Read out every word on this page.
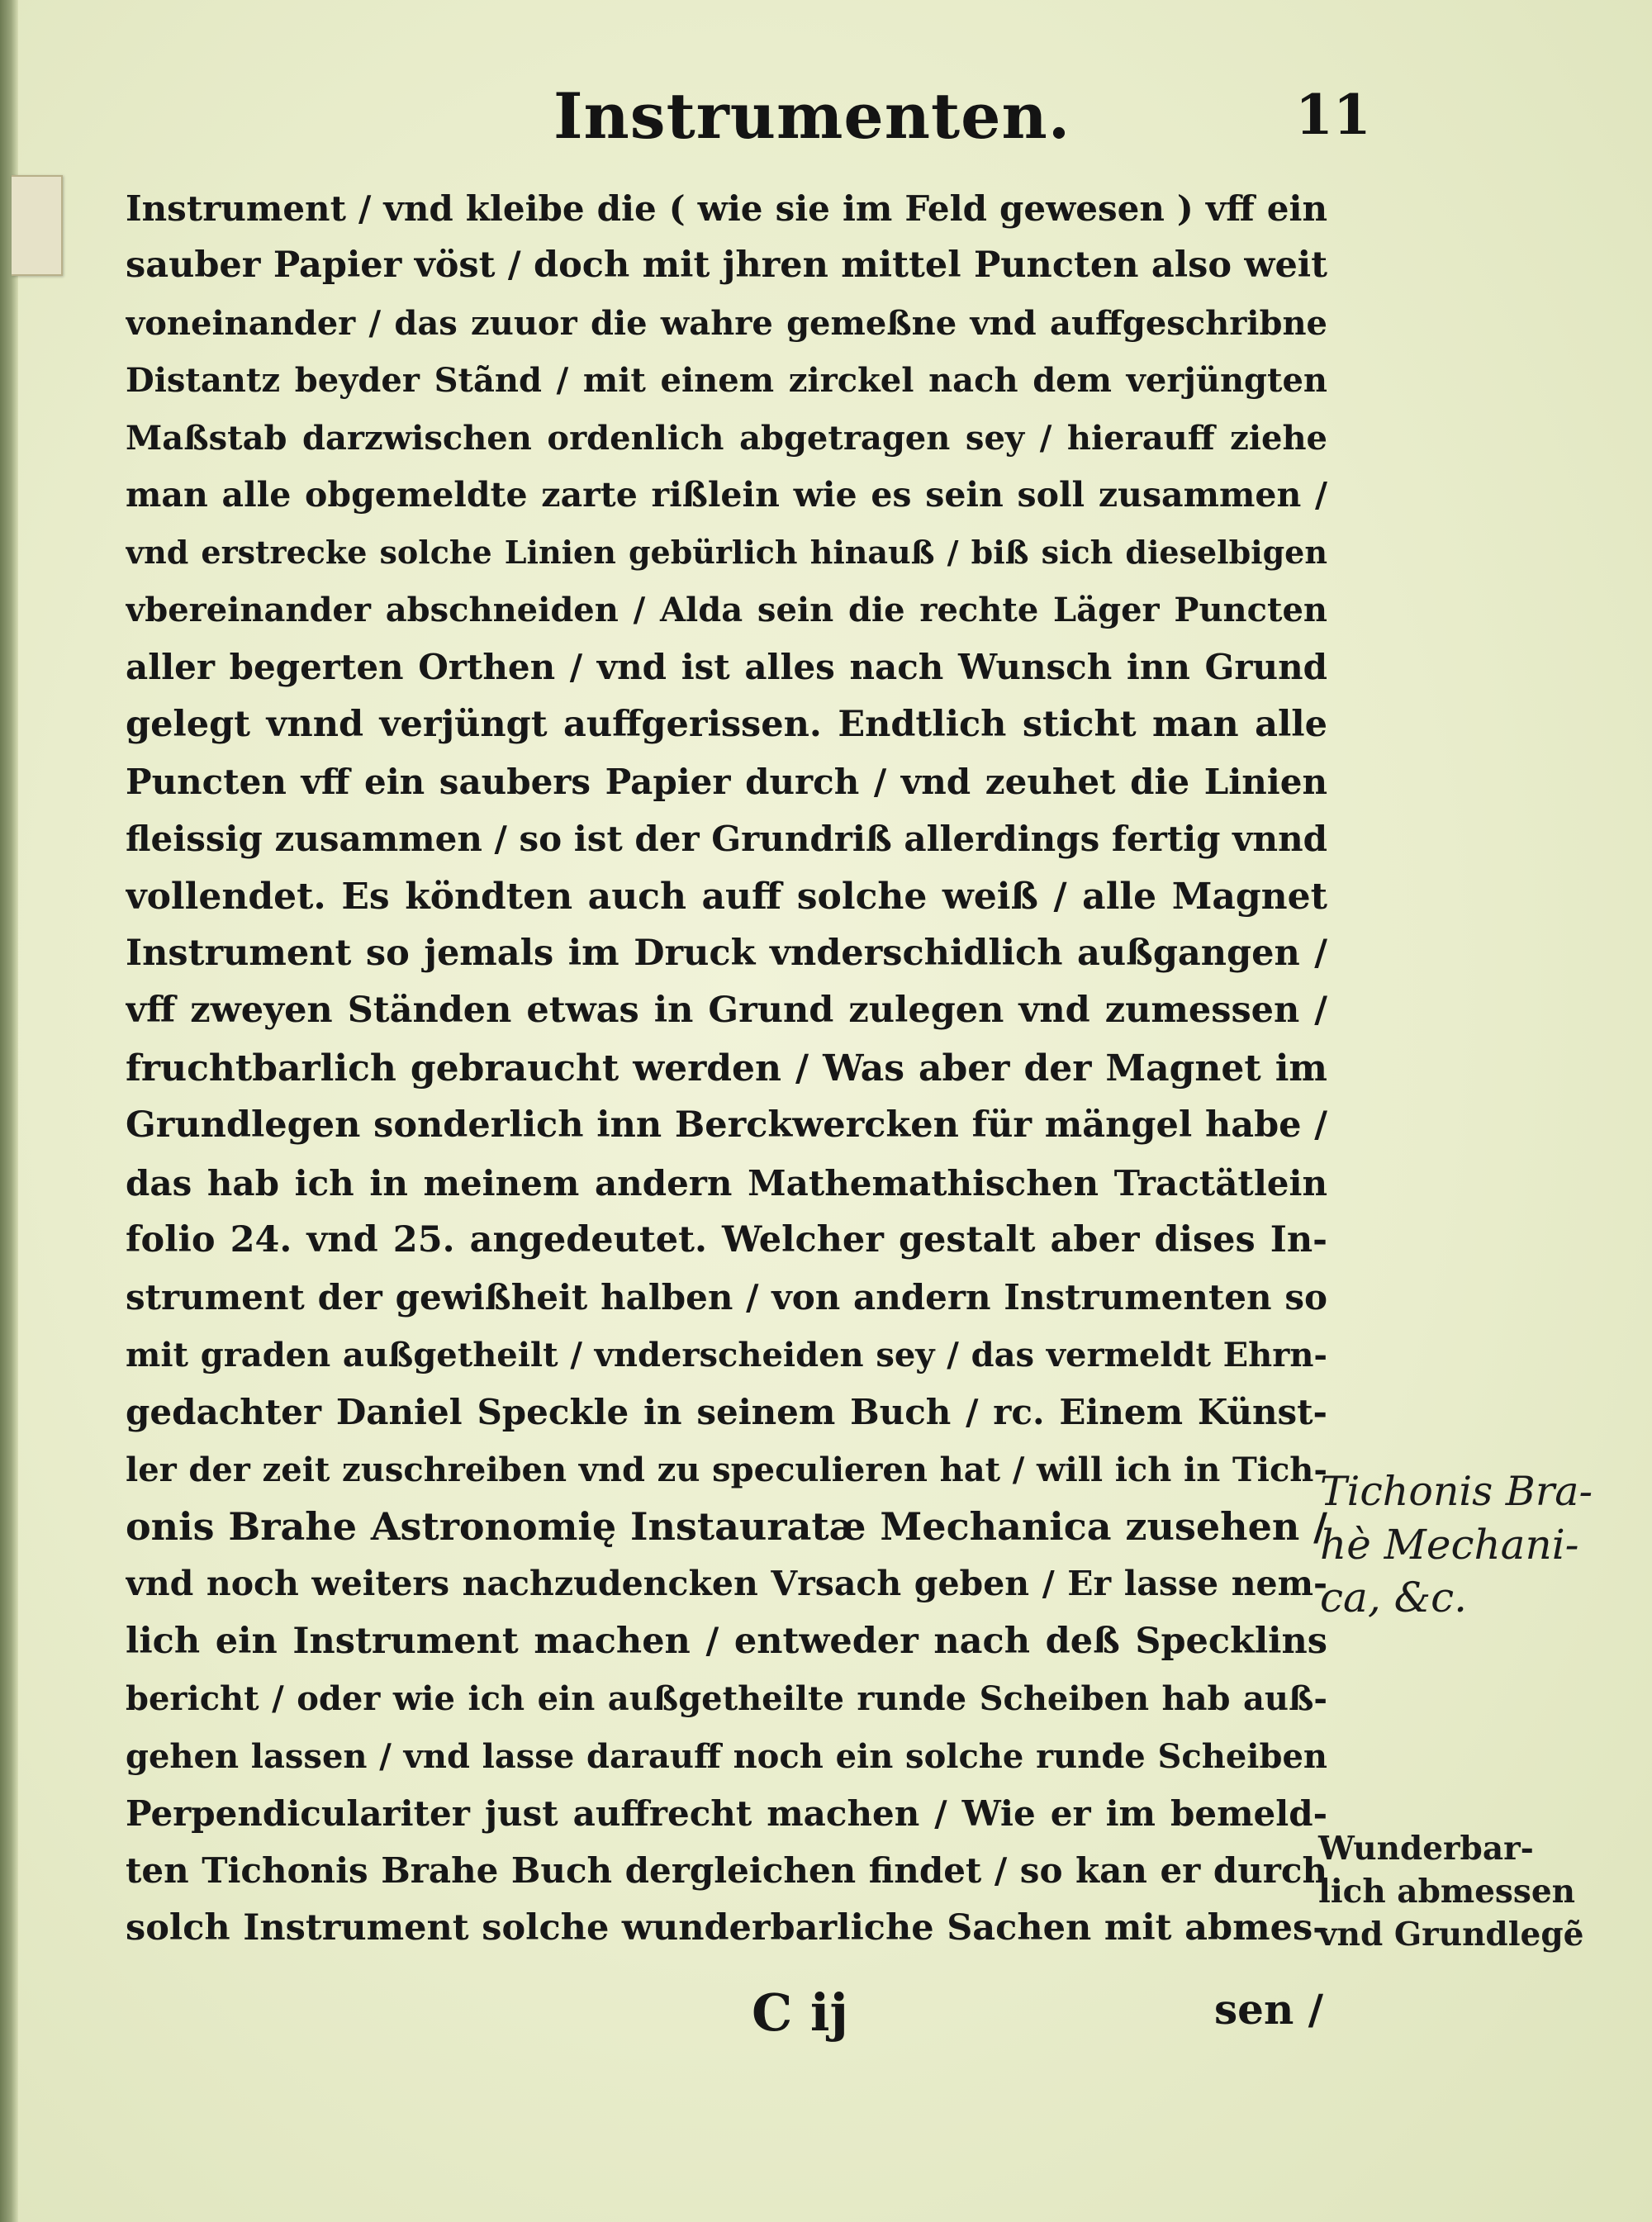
Instrumenten.	11
Instrument / vnd kleibe die ( wie sie im Feld gewesen ) vff ein
sauber Papier vöst / doch mit jhren mittel Puncten also weit
voneinander / das zuuor die wahre gemeßne vnd auffgeschribne
Distantz beyder Stãnd / mit einem zirckel nach dem verjüngten
Maßstab darzwischen ordenlich abgetragen sey / hierauff ziehe
man alle obgemeldte zarte rißlein wie es sein soll zusammen /
vnd erstrecke solche Linien gebürlich hinauß / biß sich dieselbigen
vbereinander abschneiden / Alda sein die rechte Läger Puncten
aller begerten Orthen / vnd ist alles nach Wunsch inn Grund
gelegt vnnd verjüngt auffgerissen. Endtlich sticht man alle
Puncten vff ein saubers Papier durch / vnd zeuhet die Linien
fleissig zusammen / so ist der Grundriß allerdings fertig vnnd
vollendet. Es köndten auch auff solche weiß / alle Magnet
Instrument so jemals im Druck vnderschidlich außgangen /
vff zweyen Ständen etwas in Grund zulegen vnd zumessen /
fruchtbarlich gebraucht werden / Was aber der Magnet im
Grundlegen sonderlich inn Berckwercken für mängel habe /
das hab ich in meinem andern Mathemathischen Tractätlein
folio 24. vnd 25. angedeutet. Welcher gestalt aber dises In-
strument der gewißheit halben / von andern Instrumenten so
mit graden außgetheilt / vnderscheiden sey / das vermeldt Ehrn-
gedachter Daniel Speckle in seinem Buch / rc. Einem Künst-
ler der zeit zuschreiben vnd zu speculieren hat / will ich in Tich-
onis Brahe Astronomię Instauratæ Mechanica zusehen /
vnd noch weiters nachzudencken Vrsach geben / Er lasse nem-
lich ein Instrument machen / entweder nach deß Specklins
bericht / oder wie ich ein außgetheilte runde Scheiben hab auß-
gehen lassen / vnd lasse darauff noch ein solche runde Scheiben
Perpendiculariter just auffrecht machen / Wie er im bemeld-
ten Tichonis Brahe Buch dergleichen findet / so kan er durch
solch Instrument solche wunderbarliche Sachen mit abmes-
Tichonis Bra-
hè Mechani-
ca, &c.
Wunderbar-
lich abmessen
vnd Grundlegẽ
C ij	sen /
